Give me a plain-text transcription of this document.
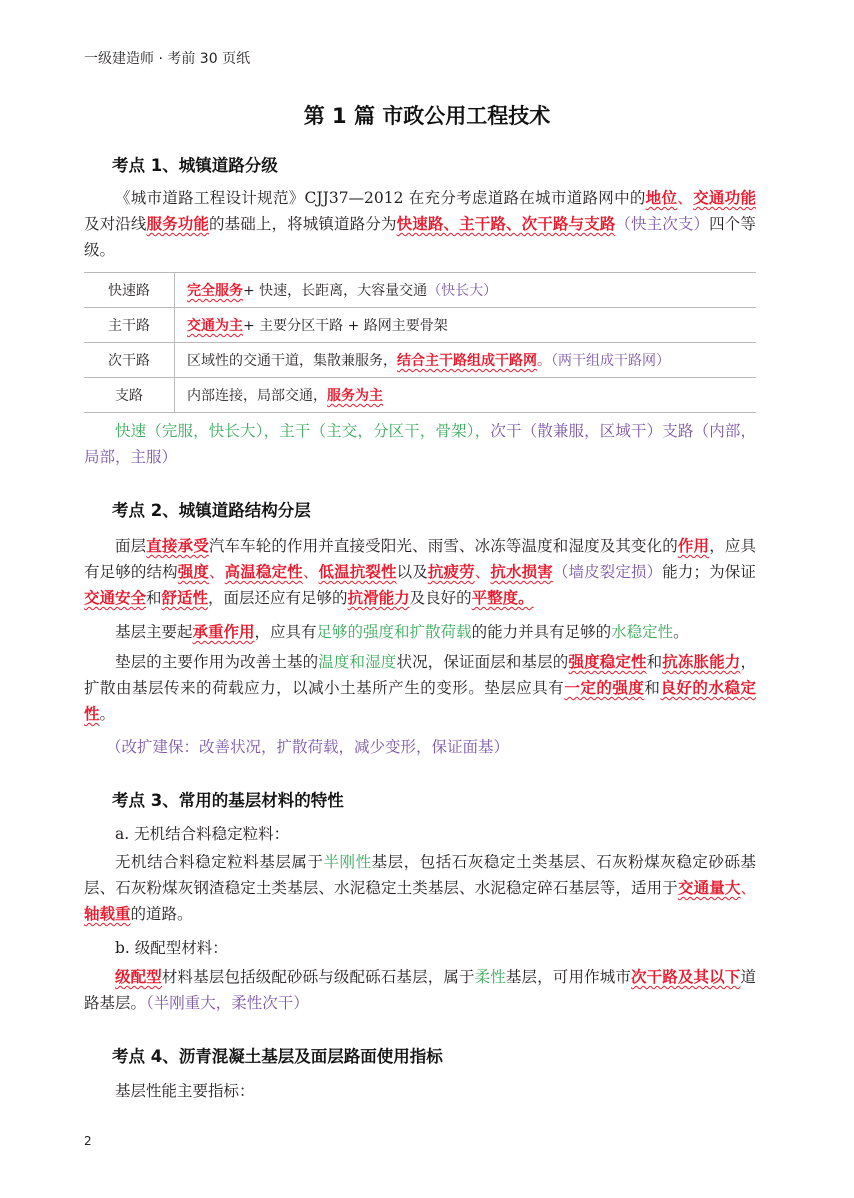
一级建造师 · 考前 30 页纸
第 1 篇 市政公用工程技术
考点 1、城镇道路分级
《城市道路工程设计规范》CJJ37—2012 在充分考虑道路在城市道路网中的地位、交通功能及对沿线服务功能的基础上，将城镇道路分为快速路、主干路、次干路与支路（快主次支）四个等级。
快速路	完全服务+ 快速，长距离，大容量交通（快长大）
主干路	交通为主+ 主要分区干路 + 路网主要骨架
次干路	区域性的交通干道，集散兼服务，结合主干路组成干路网。（两干组成干路网）
支路	内部连接，局部交通，服务为主
快速（完服，快长大），主干（主交，分区干，骨架），次干（散兼服，区域干）支路（内部，局部，主服）
考点 2、城镇道路结构分层
面层直接承受汽车车轮的作用并直接受阳光、雨雪、冰冻等温度和湿度及其变化的作用，应具有足够的结构强度、高温稳定性、低温抗裂性以及抗疲劳、抗水损害（墙皮裂定损）能力；为保证交通安全和舒适性，面层还应有足够的抗滑能力及良好的平整度。
基层主要起承重作用，应具有足够的强度和扩散荷载的能力并具有足够的水稳定性。
垫层的主要作用为改善土基的温度和湿度状况，保证面层和基层的强度稳定性和抗冻胀能力，扩散由基层传来的荷载应力，以减小土基所产生的变形。垫层应具有一定的强度和良好的水稳定性。
（改扩建保：改善状况，扩散荷载，减少变形，保证面基）
考点 3、常用的基层材料的特性
a. 无机结合料稳定粒料：
无机结合料稳定粒料基层属于半刚性基层，包括石灰稳定土类基层、石灰粉煤灰稳定砂砾基层、石灰粉煤灰钢渣稳定土类基层、水泥稳定土类基层、水泥稳定碎石基层等，适用于交通量大、轴载重的道路。
b. 级配型材料：
级配型材料基层包括级配砂砾与级配砾石基层，属于柔性基层，可用作城市次干路及其以下道路基层。（半刚重大，柔性次干）
考点 4、沥青混凝土基层及面层路面使用指标
基层性能主要指标：
2
